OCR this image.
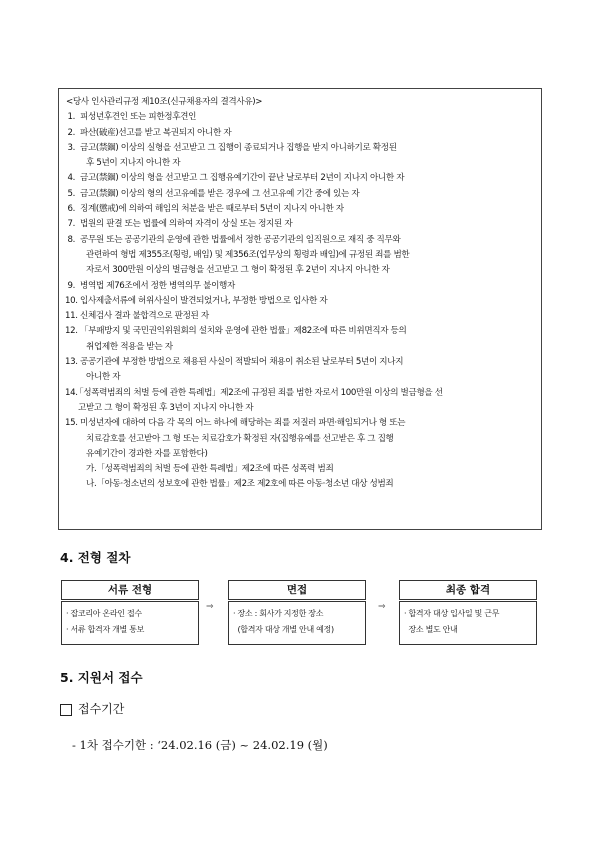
<당사 인사관리규정 제10조(신규채용자의 결격사유)>
1. 피성년후견인 또는 피한정후견인
2. 파산(破産)선고를 받고 복권되지 아니한 자
3. 금고(禁錮) 이상의 실형을 선고받고 그 집행이 종료되거나 집행을 받지 아니하기로 확정된
후 5년이 지나지 아니한 자
4. 금고(禁錮) 이상의 형을 선고받고 그 집행유예기간이 끝난 날로부터 2년이 지나지 아니한 자
5. 금고(禁錮) 이상의 형의 선고유예를 받은 경우에 그 선고유예 기간 중에 있는 자
6. 징계(懲戒)에 의하여 해임의 처분을 받은 때로부터 5년이 지나지 아니한 자
7. 법원의 판결 또는 법률에 의하여 자격이 상실 또는 정지된 자
8. 공무원 또는 공공기관의 운영에 관한 법률에서 정한 공공기관의 임직원으로 재직 중 직무와
관련하여 형법 제355조(횡령, 배임) 및 제356조(업무상의 횡령과 배임)에 규정된 죄를 범한
자로서 300만원 이상의 벌금형을 선고받고 그 형이 확정된 후 2년이 지나지 아니한 자
9. 병역법 제76조에서 정한 병역의무 불이행자
10. 입사제출서류에 허위사실이 발견되었거나, 부정한 방법으로 입사한 자
11. 신체검사 결과 불합격으로 판정된 자
12. 「부패방지 및 국민권익위원회의 설치와 운영에 관한 법률」제82조에 따른 비위면직자 등의
취업제한 적용을 받는 자
13. 공공기관에 부정한 방법으로 채용된 사실이 적발되어 채용이 취소된 날로부터 5년이 지나지
아니한 자
14.
「성폭력범죄의 처벌 등에 관한 특례법」제2조에 규정된 죄를 범한 자로서 100만원 이상의 벌금형을 선
고받고 그 형이 확정된 후 3년이 지나지 아니한 자
15. 미성년자에 대하여 다음 각 목의 어느 하나에 해당하는 죄를 저질러 파면·해임되거나 형 또는
치료감호를 선고받아 그 형 또는 치료감호가 확정된 자(집행유예를 선고받은 후 그 집행
유예기간이 경과한 자를 포함한다)
가.「성폭력범죄의 처벌 등에 관한 특례법」제2조에 따른 성폭력 범죄
나.「아동·청소년의 성보호에 관한 법률」제2조 제2호에 따른 아동·청소년 대상 성범죄
4. 전형 절차
서류 전형
· 잡코리아 온라인 접수
· 서류 합격자 개별 통보
⇒
면접
· 장소 : 회사가 지정한 장소
(합격자 대상 개별 안내 예정)
⇒
최종 합격
· 합격자 대상 입사일 및 근무
장소 별도 안내
5. 지원서 접수
접수기간
- 1차 접수기한 : ‘24.02.16 (금) ~ 24.02.19 (월)
